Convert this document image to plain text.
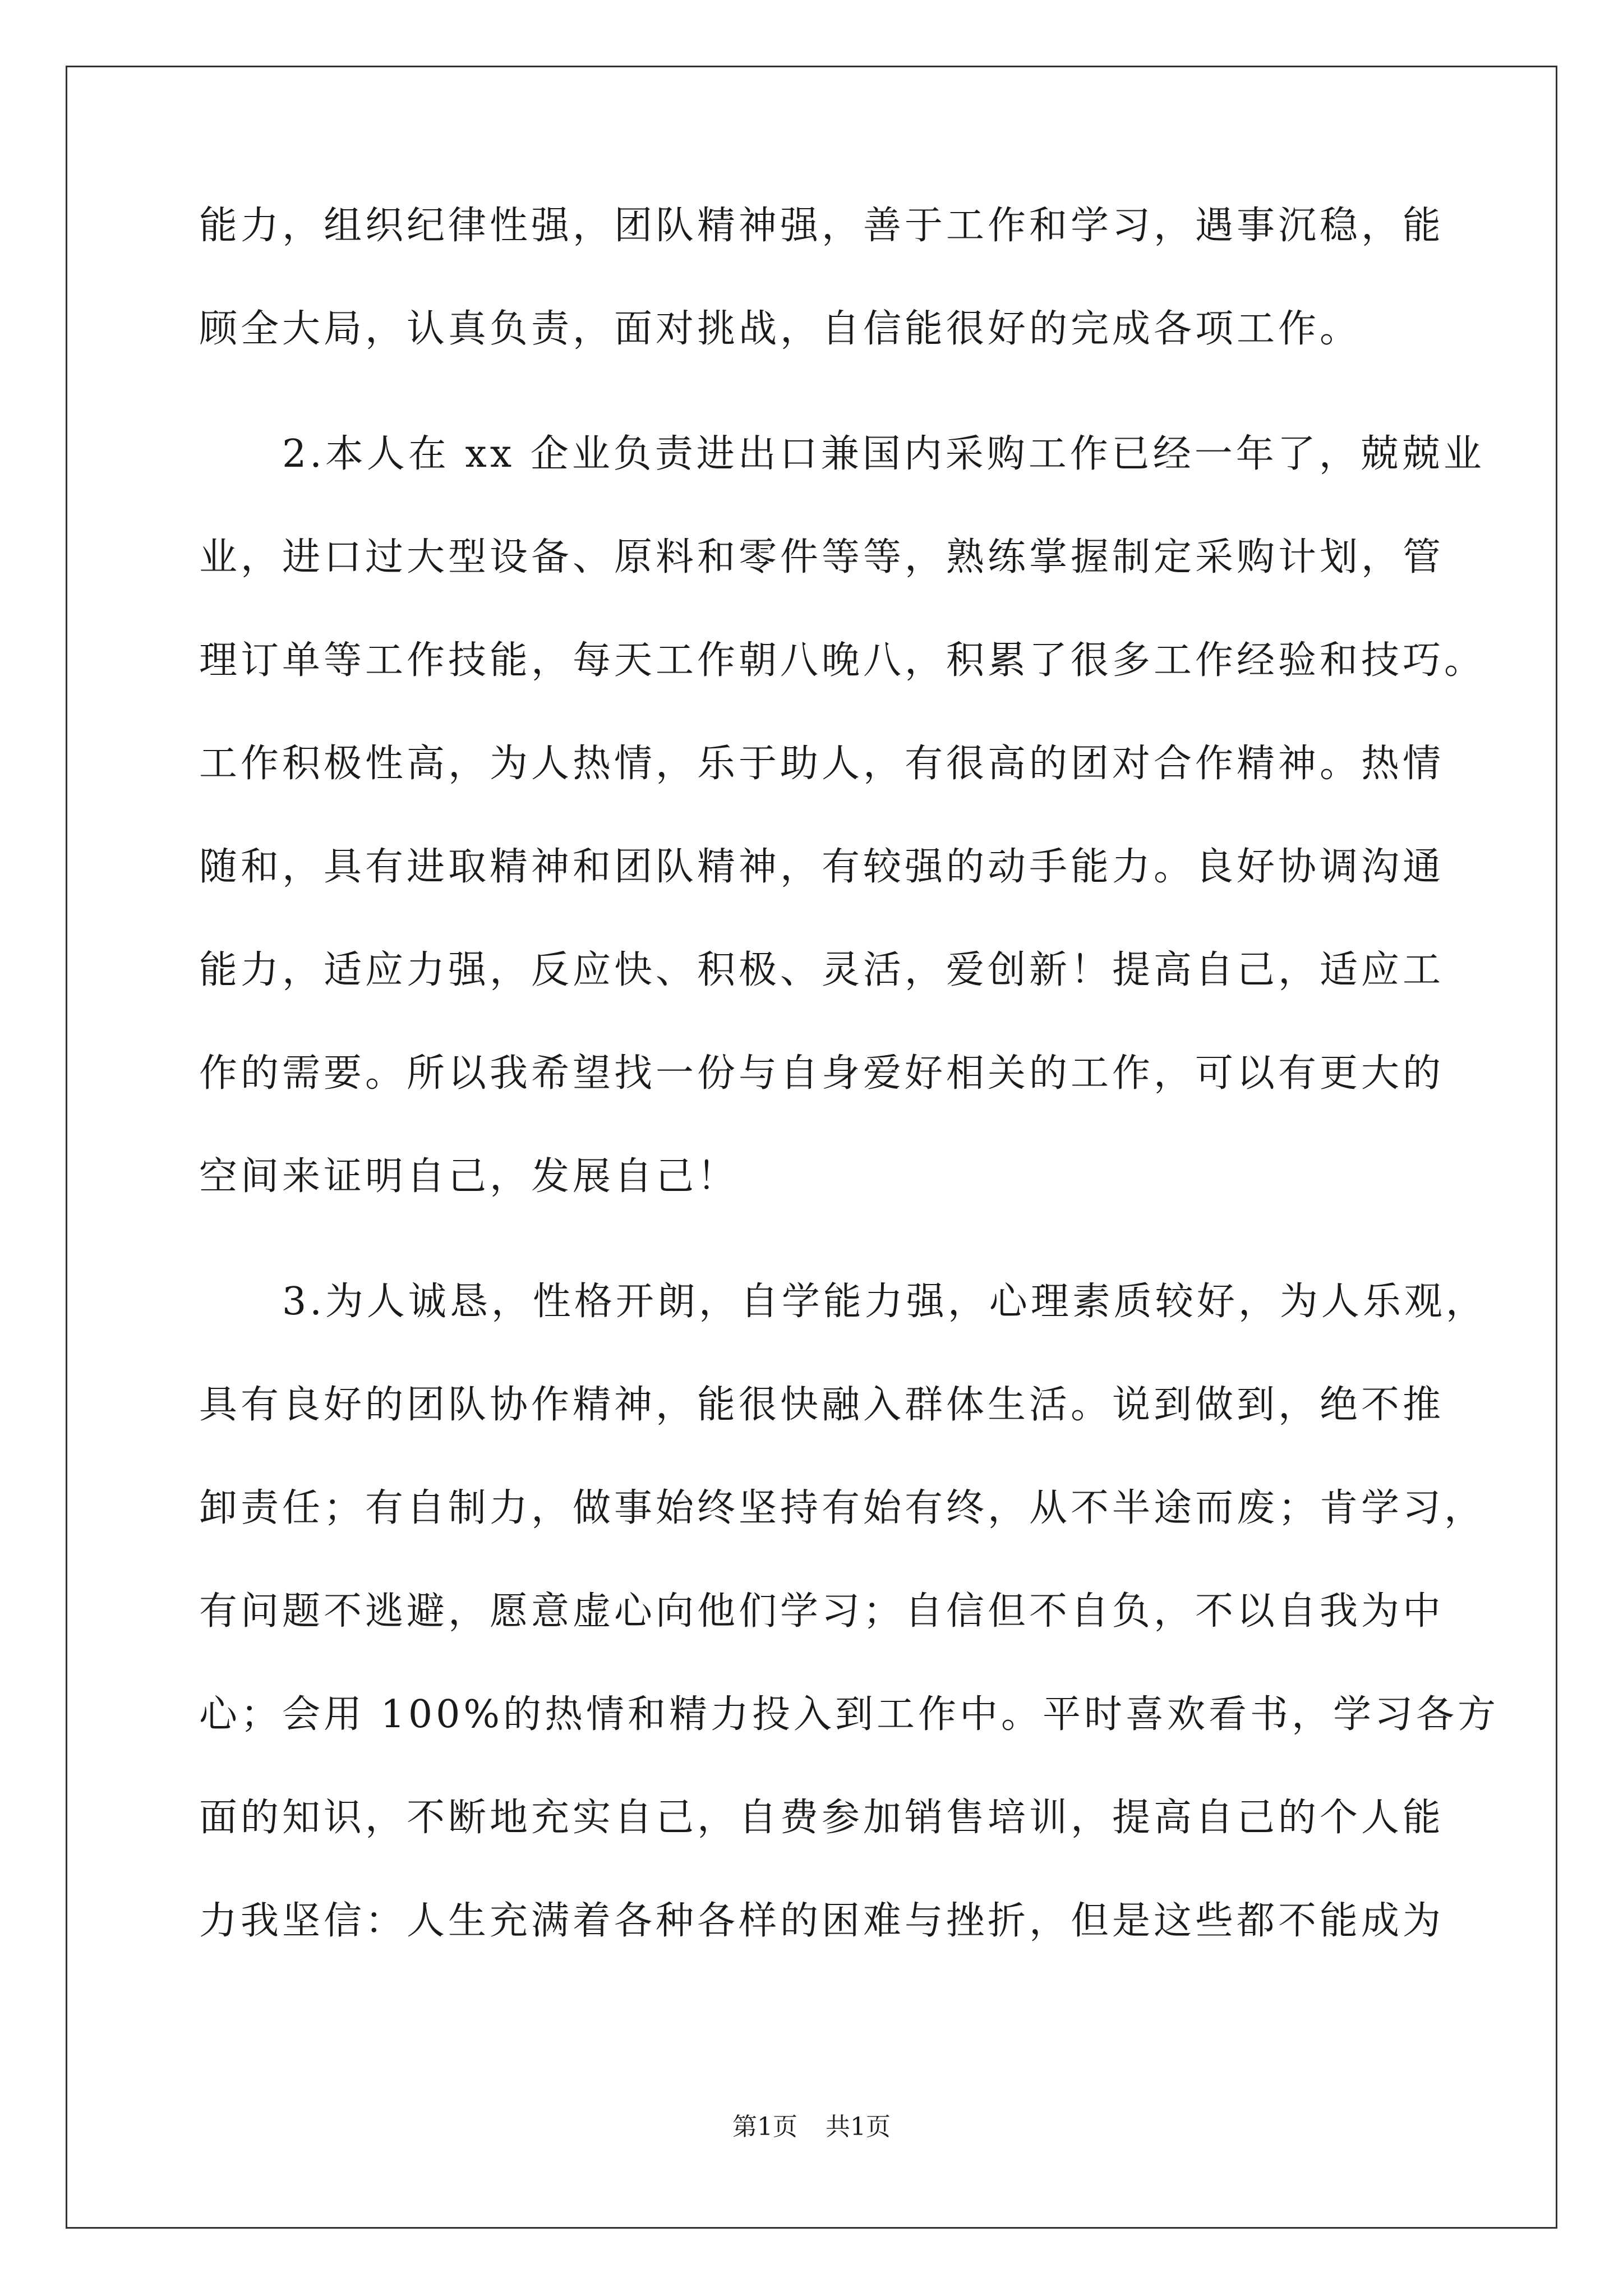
能力，组织纪律性强，团队精神强，善于工作和学习，遇事沉稳，能
顾全大局，认真负责，面对挑战，自信能很好的完成各项工作。
　　2.本人在 xx 企业负责进出口兼国内采购工作已经一年了，兢兢业
业，进口过大型设备、原料和零件等等，熟练掌握制定采购计划，管
理订单等工作技能，每天工作朝八晚八，积累了很多工作经验和技巧。
工作积极性高，为人热情，乐于助人，有很高的团对合作精神。热情
随和，具有进取精神和团队精神，有较强的动手能力。良好协调沟通
能力，适应力强，反应快、积极、灵活，爱创新！提高自己，适应工
作的需要。所以我希望找一份与自身爱好相关的工作，可以有更大的
空间来证明自己，发展自己！
　　3.为人诚恳，性格开朗，自学能力强，心理素质较好，为人乐观，
具有良好的团队协作精神，能很快融入群体生活。说到做到，绝不推
卸责任；有自制力，做事始终坚持有始有终，从不半途而废；肯学习，
有问题不逃避，愿意虚心向他们学习；自信但不自负，不以自我为中
心；会用 100%的热情和精力投入到工作中。平时喜欢看书，学习各方
面的知识，不断地充实自己，自费参加销售培训，提高自己的个人能
力我坚信：人生充满着各种各样的困难与挫折，但是这些都不能成为
第1页 共1页
